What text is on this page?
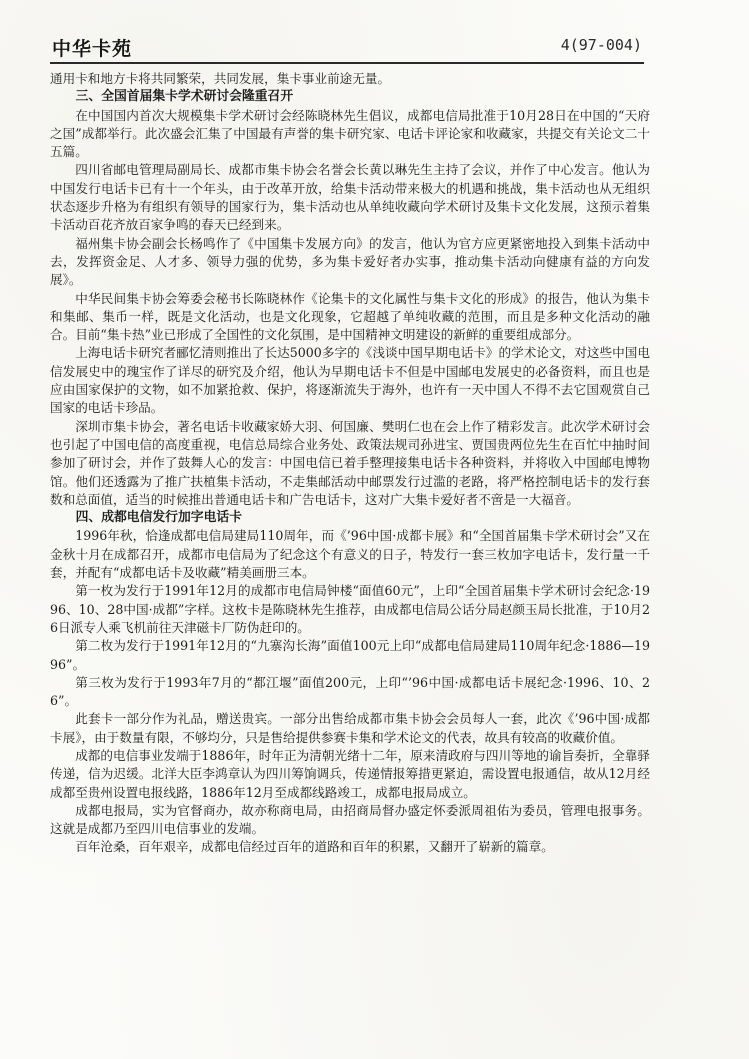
中华卡苑	4(97-004)

通用卡和地方卡将共同繁荣，共同发展，集卡事业前途无量。

三、全国首届集卡学术研讨会隆重召开

在中国国内首次大规模集卡学术研讨会经陈晓林先生倡议，成都电信局批准于10月28日在中国的“天府之国”成都举行。此次盛会汇集了中国最有声誉的集卡研究家、电话卡评论家和收藏家，共提交有关论文二十五篇。

四川省邮电管理局副局长、成都市集卡协会名誉会长黄以琳先生主持了会议，并作了中心发言。他认为中国发行电话卡已有十一个年头，由于改革开放，给集卡活动带来极大的机遇和挑战，集卡活动也从无组织状态逐步升格为有组织有领导的国家行为，集卡活动也从单纯收藏向学术研讨及集卡文化发展，这预示着集卡活动百花齐放百家争鸣的春天已经到来。

福州集卡协会副会长杨鸣作了《中国集卡发展方向》的发言，他认为官方应更紧密地投入到集卡活动中去，发挥资金足、人才多、领导力强的优势，多为集卡爱好者办实事，推动集卡活动向健康有益的方向发展》。

中华民间集卡协会筹委会秘书长陈晓林作《论集卡的文化属性与集卡文化的形成》的报告，他认为集卡和集邮、集币一样，既是文化活动，也是文化现象，它超越了单纯收藏的范围，而且是多种文化活动的融合。目前“集卡热”业已形成了全国性的文化氛围，是中国精神文明建设的新鲜的重要组成部分。

上海电话卡研究者郦忆清则推出了长达5000多字的《浅谈中国早期电话卡》的学术论文，对这些中国电信发展史中的瑰宝作了详尽的研究及介绍，他认为早期电话卡不但是中国邮电发展史的必备资料，而且也是应由国家保护的文物，如不加紧抢救、保护，将逐渐流失于海外，也许有一天中国人不得不去它国观赏自己国家的电话卡珍品。

深圳市集卡协会，著名电话卡收藏家娇大羽、何国廉、樊明仁也在会上作了精彩发言。此次学术研讨会也引起了中国电信的高度重视，电信总局综合业务处、政策法规司孙进宝、贾国贵两位先生在百忙中抽时间参加了研讨会，并作了鼓舞人心的发言：中国电信已着手整理接集电话卡各种资料，并将收入中国邮电博物馆。他们还透露为了推广扶植集卡活动，不走集邮活动中邮票发行过滥的老路，将严格控制电话卡的发行套数和总面值，适当的时候推出普通电话卡和广告电话卡，这对广大集卡爱好者不啻是一大福音。

四、成都电信发行加字电话卡

1996年秋，恰逢成都电信局建局110周年，而《’96中国·成都卡展》和“全国首届集卡学术研讨会”又在金秋十月在成都召开，成都市电信局为了纪念这个有意义的日子，特发行一套三枚加字电话卡，发行量一千套，并配有“成都电话卡及收藏”精美画册三本。

第一枚为发行于1991年12月的成都市电信局钟楼“面值60元”，上印“全国首届集卡学术研讨会纪念·1996、10、28中国·成都”字样。这枚卡是陈晓林先生推荐，由成都电信局公话分局赵颜玉局长批准，于10月26日派专人乘飞机前往天津磁卡厂防伪赶印的。

第二枚为发行于1991年12月的“九寨沟长海”面值100元上印“成都电信局建局110周年纪念·1886—1996”。

第三枚为发行于1993年7月的“都江堰”面值200元，上印“’96中国·成都电话卡展纪念·1996、10、26”。

此套卡一部分作为礼品，赠送贵宾。一部分出售给成都市集卡协会会员每人一套，此次《’96中国·成都卡展》，由于数量有限，不够均分，只是售给提供参赛卡集和学术论文的代表，故具有较高的收藏价值。

成都的电信事业发端于1886年，时年正为清朝光绪十二年，原来清政府与四川等地的谕旨奏折，全靠驿传递，信为迟缓。北洋大臣李鸿章认为四川筹饷调兵，传递情报筹措更紧迫，需设置电报通信，故从12月经成都至贵州设置电报线路，1886年12月至成都线路竣工，成都电报局成立。

成都电报局，实为官督商办，故亦称商电局，由招商局督办盛定怀委派周祖佑为委员，管理电报事务。这就是成都乃至四川电信事业的发端。

百年沧桑，百年艰辛，成都电信经过百年的道路和百年的积累，又翻开了崭新的篇章。
